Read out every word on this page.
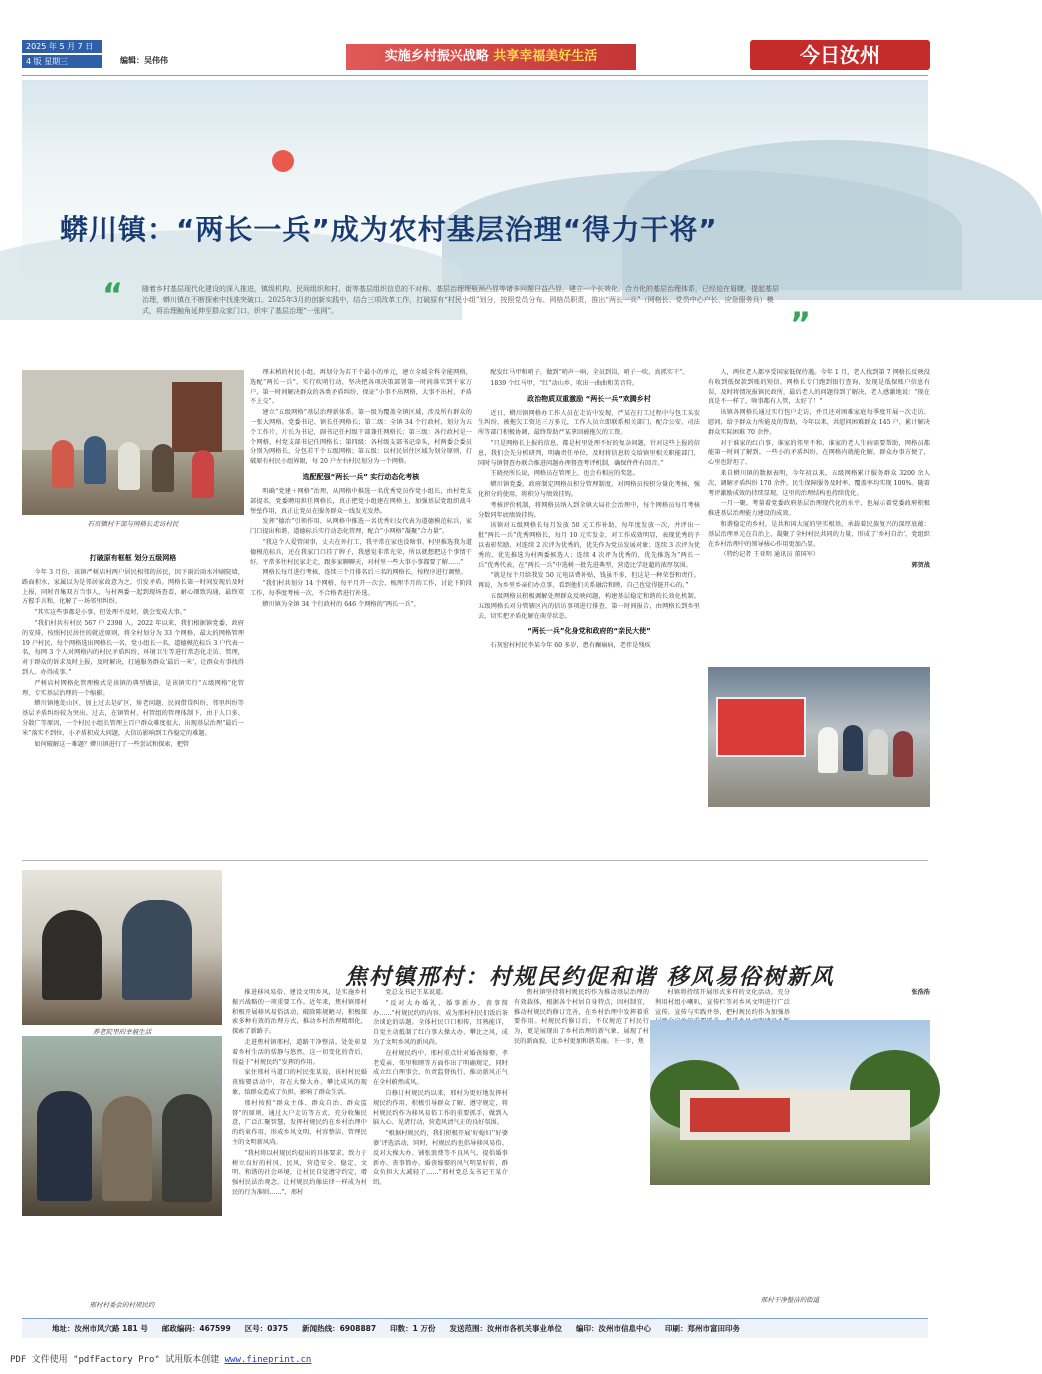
2025 年 5 月 7 日
4 版 星期三	编辑：吴伟伟	实施乡村振兴战略 共享幸福美好生活	今日汝州
蟒川镇：“两长一兵”成为农村基层治理“得力干将”
“	随着乡村基层现代化建设的深入推进，镇级机构、民间组织和村、街等基层组织信息的不对称、基层治理理瓶颈凸显等诸多问题日益凸显，建立一个长效化、合力化的基层治理体系，已经迫在眉睫。提起基层治理，蟒川镇在不断探索中找准突破口。2025年3月的创新实践中，结合三项改革工作，打破原有“村民小组”划分，按照党员分布、网格员职责，推出“两长一兵”（网格长、党员中心户长、应急服务兵）模式，将治理触角延伸至群众家门口，织牢了基层治理“一张网”。	”
石页镇村干部与网格长走访村民
打破原有框框 划分五级网格

今年 3 月份，该镇严树店村两户居民相邻的居民，因下雨后雨水冲刷院墙，路面积水，家属以为是邻居家故意为之，引发矛盾。网格长第一时间发现后及时上报，同时召集双方当事人，与村两委一起到现场查看，耐心细致沟通，最终双方握手言和，化解了一场邻里纠纷。

“其实这些事都是小事，但处理不及时，就会变成大事。”

“我们村共有村民 567 户 2398 人。2022 年以来，我们根据镇党委、政府的安排，按照村民居住的就近原则，将全村划分为 33 个网格，最大的网格管理 19 户村民，每个网格选出网格长一名，党小组长一名，道德模范标兵 3 户代表一名，每网 3 个人对网格内的村民矛盾纠纷、环境卫生等进行常态化走访、管理，对于群众的诉求及时上报，及时解决，打通服务群众‘最后一米’，让群众有事找得到人、办得成事。”

严树店村网格化管理模式是该镇的典型做法，是该镇实行“五级网格”化管理、专实基层治理的一个缩影。

蟒川镇地处山区，加上过去是矿区，矫老问题、民间借贷纠纷、邻里纠纷等基层矛盾纠纷较为突出。过去，在镇管村、村管组的管理体制下，由于人口多、分散广等原因，一个村民小组长管理上百户群众难度很大，出现基层治理“最后一米”落实不到位，小矛盾积成大问题，大信访影响到工作稳定的难题。

如何破解这一难题？蟒川镇进行了一些尝试和探索，把管

理末梢的村民小组，再划分为若干个最小的单元，建立全域全科全能网格，选配“两长一兵”，实行吹哨行动，坚决把各项决策部署第一时间落实到千家万户，第一时间解决群众的各类矛盾纠纷，保证“小事不出网格，大事不出村，矛盾不上交”。

建立“五级网格”基层治理新体系。第一级为覆盖全镇区域，涉及所有群众的一张大网格，党委书记、镇长任网格长；第二级：全镇 34 个行政村，划分为五个工作片，片长为书记，副书记任村级干部兼任网格长；第三级：各行政村是一个网格，村党支部书记任网格长；第四级：各村级支部书记牵头，村两委会委员分别为网格长，分包若干个五级网格；第五级：以村民居住区域为划分原则，打破原有村民小组界限，每 20 户左右村民划分为一个网格。

选配配强“两长一兵” 实行动态化考核

明确“党建＋网格”治理，从网格中推选一名优秀党员作党小组长，由村党支部提名，党委聘用担任网格长，真正把党小组建在网格上，加强基层党组织战斗堡垒作用，真正让党员在服务群众一线发光发热。

发挥“德治”引领作用，从网格中推选一名优秀妇女代表为道德模范标兵，家门口提出和谐、道德标兵实行动态化管理，配合“小网格”凝聚“合力量”。

“我这个人爱管闲事，丈夫在外打工，我平常在家也没啥事，村里推选我为道德模范标兵，还在我家门口挂了牌子，我感觉非常光荣，所以就想把这个事情干好。平常多往村民家走走，跟多家聊聊天，对村里一些大事小事都要了解……”

网格长每月进行考核，连续三个月排名后三名的网格长，按程序进行调整。

“我们村共划分 14 个网格，每平月开一次会，梳理半月的工作，讨论下阶段工作，每季度考核一次，不合格者进行补选。

蟒川镇为全镇 34 个行政村的 646 个网格的“两长一兵”，

配发红马甲和哨子，做到“哨声一响，全员到岗，哨子一吹，真抓实干”。

1839 个红马甲，“红”动山乡，吹出一曲曲和美音符。

政治物质双重激励 “两长一兵”欢腾乡村

近日，蟒川镇网格办工作人员在走访中发现，严某在打工过程中与包工头发生纠纷，被拖欠工资达三万多元，工作人员立即联系相关部门，配合公安、司法所等部门积极协调，最终帮助严某拿回被拖欠的工资。

“只是网格长上报的信息，都是村里处理不好的复杂问题，针对这些上报的信息，我们会先分析研判，明确责任单位，及时将信息转交给镇里相关职能部门，同时与镇督查办联合推进问题办理督查考评机制，确保件件有回音。”

王晓亮所长说，网格员在管理上，也会有相应的奖惩。

蟒川镇党委，政府制定网格员积分管理制度，对网格员按积分量化考核，强化积分的使用，将积分与绩效挂钩。

考核评价机制，将网格员纳入到全镇大局社会治理中，每个网格员每月考核分数同年底绩效挂钩。

该镇对五级网格长每月发放 50 元工作补助，每年度发放一次，并评出一批“两长一兵”优秀网格长，每月 10 元实发金，对工作成效明显，表现优秀的予以表彰奖励，对连续 2 次评为优秀的，优先作为党员发展对象；连续 3 次评为优秀的，优先推选为村两委候选人；连续 4 次评为优秀的，优先推选为“两长一兵”优秀代表，在“两长一兵”中选树一批先进典型，营造比学赶超的浓厚氛围。

“就是每个月给我发 50 元电话费补贴，钱虽不多，但这是一种荣誉和责任。再说，为乡里乡亲们办点事，看到他们关系融洽和睦，自己也觉得挺开心的。”

五级网格员积极调解处理群众反映问题，构建基层稳定和谐的长效化机制。五级网格长对分管辖区内的信访事项进行排查，第一时间报告，由网格长到乡里去，切实把矛盾化解在萌芽状态。

“两长一兵”化身党和政府的“亲民大使”

石灰窑村村民李某今年 60 多岁，患有癫痫病，老伴是残疾

人，两位老人都享受国家低保待遇。今年 1 月，老人找到第 7 网格长反映没有收到低保款到账的短信。网格长专门跑到银行查询，发现是低保账户信息有误，及时将情况报镇民政所，最后老人的问题得到了解决，老人感激地说：“现在真是不一样了，啥事都有人管，太好了！”

该镇各网格长通过实行包户走访，并且还对困难家庭每季度开展一次走访、慰问，给予群众力所能及的帮助，今年以来，共慰问困难群众 145 户，累计解决群众实际困难 70 余件。

对于谁家的红白事，谁家的邻里不和，谁家的老人生病需要帮助，网格员都能第一时间了解到。一些小的矛盾纠纷，在网格内就能化解，群众办事方便了，心里也舒坦了。

来自蟒川镇的数据表明，今年初以来，五级网格累计服务群众 3200 余人次，调解矛盾纠纷 170 余件，民生保障服务及时率、覆盖率均实现 100%。随着考评激励成效的持续显现，这里的治理结构也持续优化。

一月一聚，考量着党委政府基层治理现代化的水平，也展示着党委政府积极推进基层治理能力建设的成效。

和谐稳定的乡村，是共和国大厦的坚实根基，承载着民族复兴的深厚底蕴；基层治理单元在自治上，凝聚了全村村民共同的力量，形成了‘乡村自治’，党组织在乡村治理中的领导核心作用更加凸显。

（特约记者 王亚明 通讯员 董国军）

郭贺战

网格长向村民学习
焦村镇邢村：村规民约促和谐 移风易俗树新风
养老院里的幸福生活
邢村村委会的村规民约

推进移风易俗，建设文明乡风，是实施乡村振兴战略的一项重要工作。近年来，焦村镇邢村积极开展移风易俗活动，破除陈规陋习，积极探索多种有效的治理方式，推动乡村治理精细化，探索了新路子。

走进焦村镇邢村，道路干净整洁，处处彰显着乡村生活的恬静与悠然，这一切变化的背后，得益于“村规民约”发挥的作用。

家住邢村马道口的村民张某说，该村村民婚丧嫁娶活动中，存在大操大办、攀比成风的现象，给群众造成了负担，影响了群众生活。

邢村按照“群众主体、群众自治、群众监督”的原则，通过大户走访等方式，充分收集民意，广泛汇聚智慧，发挥村规民约在乡村治理中的约束作用，形成乡风文明、村容整洁、管理民主的文明新风尚。

“我村将以村规民约提出的具体要求，致力于树立良好的村风、民风，营造安全、稳定、文明、和谐的社会环境，让村民自觉遵守约定，增强村民法治观念，让村规民约像法律一样成为村民的行为准则……”，邢村

党总支书记王某说道。

“反对大办婚礼，婚事新办，丧事简办……”村规民约的内容，成为邢村村民们饭后茶余谈论的话题。全体村民口口相传，耳熟能详，自觉主动抵制了红白事大操大办、攀比之风，成为了文明乡风的新风尚。

在村规民约中，邢村重点针对婚丧嫁娶、孝老爱亲、邻里和睦等方面作出了明确规定，同时成立红白理事会，负责监督执行，推动新风正气在全村蔚然成风。

自修订村规民约以来，邢村为更好地发挥村规民约作用，积极引导群众了解、遵守规定，将村规民约作为移风易俗工作的重要抓手，做到入脑入心、见诸行动，营造风清气正的良好氛围。

“根据村规民约，我们积极开展‘好媳妇’‘好婆婆’评选活动，同时，村规民约也倡导移风易俗、反对大操大办、铺张浪费等不良风气，提倡婚事新办、丧事简办，婚丧嫁娶的风气明显好转，群众负担大大减轻了……”邢村党总支书记王某介绍。

焦村镇坚持将村规民约作为推动基层治理的有效载体，根据各个村居自身特点，因村制宜，推动村规民约修订完善，在乡村治理中发挥着重要作用。村规民约修订后，不仅规范了村民行为，更是展现出了乡村治理的新气象，展现了村民的新面貌，让乡村更加和谐美丽。下一步，焦

村镇将持续开展形式多样的文化活动，充分利用村组小喇叭，宣传栏等对乡风文明进行广泛宣传，宣传与实践并举，把村规民约作为加强基

张浩浩

邢村干净整洁的街道
地址：汝州市风穴路 181 号 邮政编码：467599 区号：0375 新闻热线：6908887 印数：1 万份 发送范围：汝州市各机关事业单位 编印：汝州市信息中心 印刷：郑州市富田印务
PDF 文件使用 "pdfFactory Pro" 试用版本创建 www.fineprint.cn
